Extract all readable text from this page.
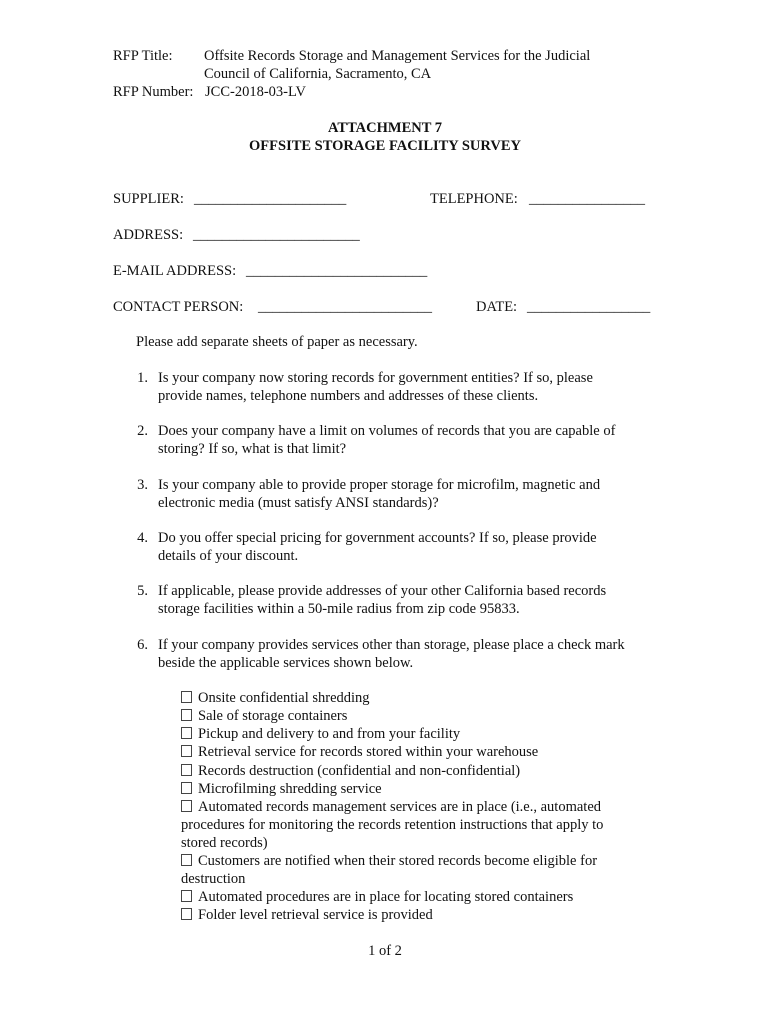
RFP Title: Offsite Records Storage and Management Services for the Judicial
Council of California, Sacramento, CA
RFP Number: JCC-2018-03-LV
ATTACHMENT 7
OFFSITE STORAGE FACILITY SURVEY
SUPPLIER: _____________________	TELEPHONE: ________________
ADDRESS: _______________________
E-MAIL ADDRESS: _________________________
CONTACT PERSON: ________________________	DATE: _________________
Please add separate sheets of paper as necessary.
1. Is your company now storing records for government entities? If so, please
provide names, telephone numbers and addresses of these clients.
2. Does your company have a limit on volumes of records that you are capable of
storing? If so, what is that limit?
3. Is your company able to provide proper storage for microfilm, magnetic and
electronic media (must satisfy ANSI standards)?
4. Do you offer special pricing for government accounts? If so, please provide
details of your discount.
5. If applicable, please provide addresses of your other California based records
storage facilities within a 50-mile radius from zip code 95833.
6. If your company provides services other than storage, please place a check mark
beside the applicable services shown below.
Onsite confidential shredding
Sale of storage containers
Pickup and delivery to and from your facility
Retrieval service for records stored within your warehouse
Records destruction (confidential and non-confidential)
Microfilming shredding service
Automated records management services are in place (i.e., automated
procedures for monitoring the records retention instructions that apply to
stored records)
Customers are notified when their stored records become eligible for
destruction
Automated procedures are in place for locating stored containers
Folder level retrieval service is provided
1 of 2
